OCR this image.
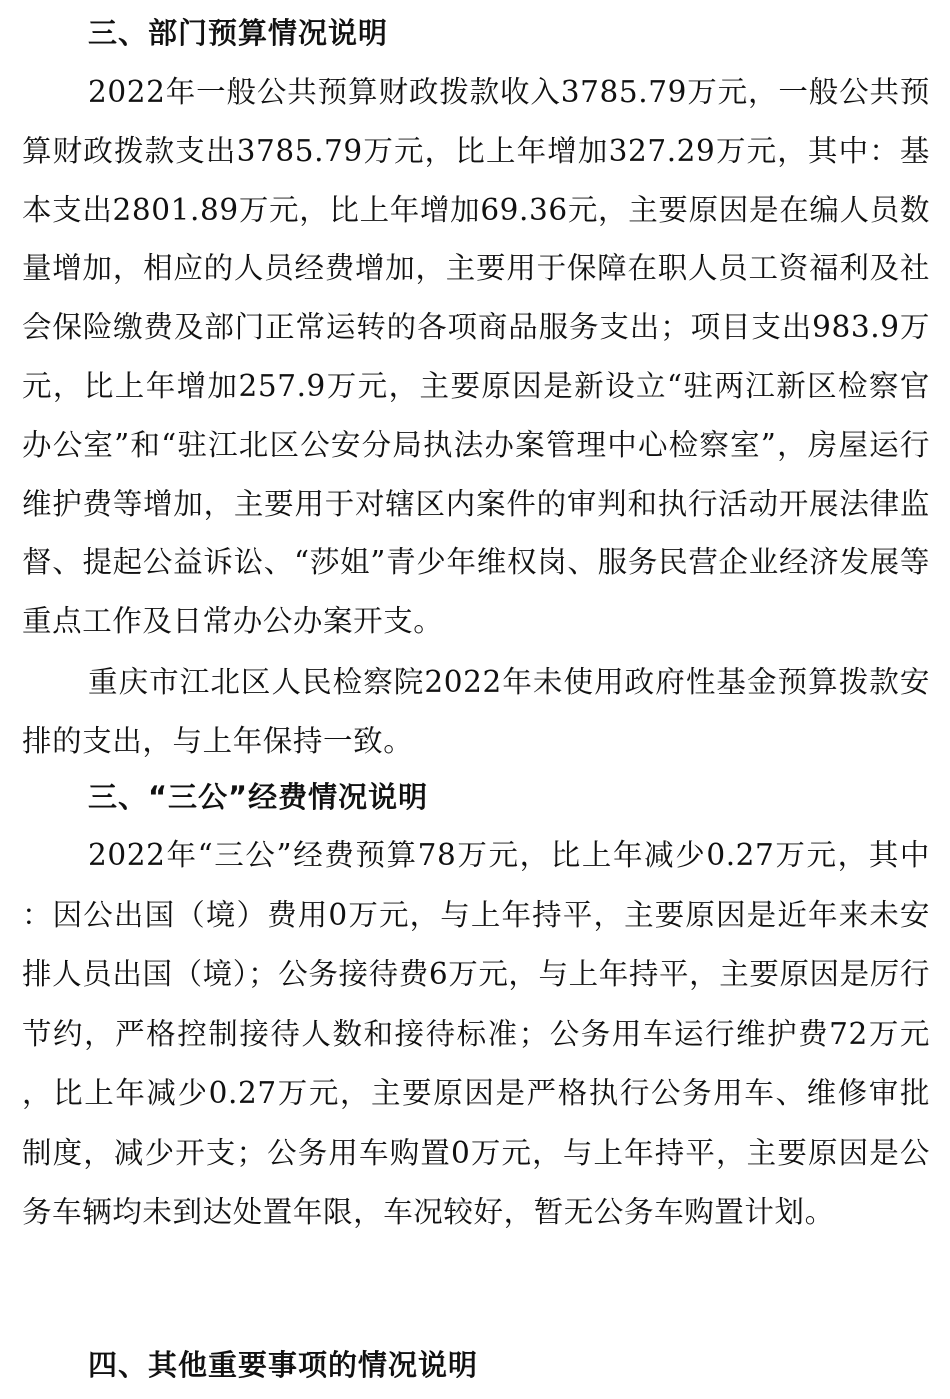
三、部门预算情况说明

2022年一般公共预算财政拨款收入3785.79万元，一般公共预算财政拨款支出3785.79万元，比上年增加327.29万元，其中：基本支出2801.89万元，比上年增加69.36元，主要原因是在编人员数量增加，相应的人员经费增加，主要用于保障在职人员工资福利及社会保险缴费及部门正常运转的各项商品服务支出；项目支出983.9万元，比上年增加257.9万元，主要原因是新设立“驻两江新区检察官办公室”和“驻江北区公安分局执法办案管理中心检察室”，房屋运行维护费等增加，主要用于对辖区内案件的审判和执行活动开展法律监督、提起公益诉讼、“莎姐”青少年维权岗、服务民营企业经济发展等重点工作及日常办公办案开支。

重庆市江北区人民检察院2022年未使用政府性基金预算拨款安排的支出，与上年保持一致。

三、“三公”经费情况说明

2022年“三公”经费预算78万元，比上年减少0.27万元，其中：因公出国（境）费用0万元，与上年持平，主要原因是近年来未安排人员出国（境）；公务接待费6万元，与上年持平，主要原因是厉行节约，严格控制接待人数和接待标准；公务用车运行维护费72万元，比上年减少0.27万元，主要原因是严格执行公务用车、维修审批制度，减少开支；公务用车购置0万元，与上年持平，主要原因是公务车辆均未到达处置年限，车况较好，暂无公务车购置计划。

四、其他重要事项的情况说明
